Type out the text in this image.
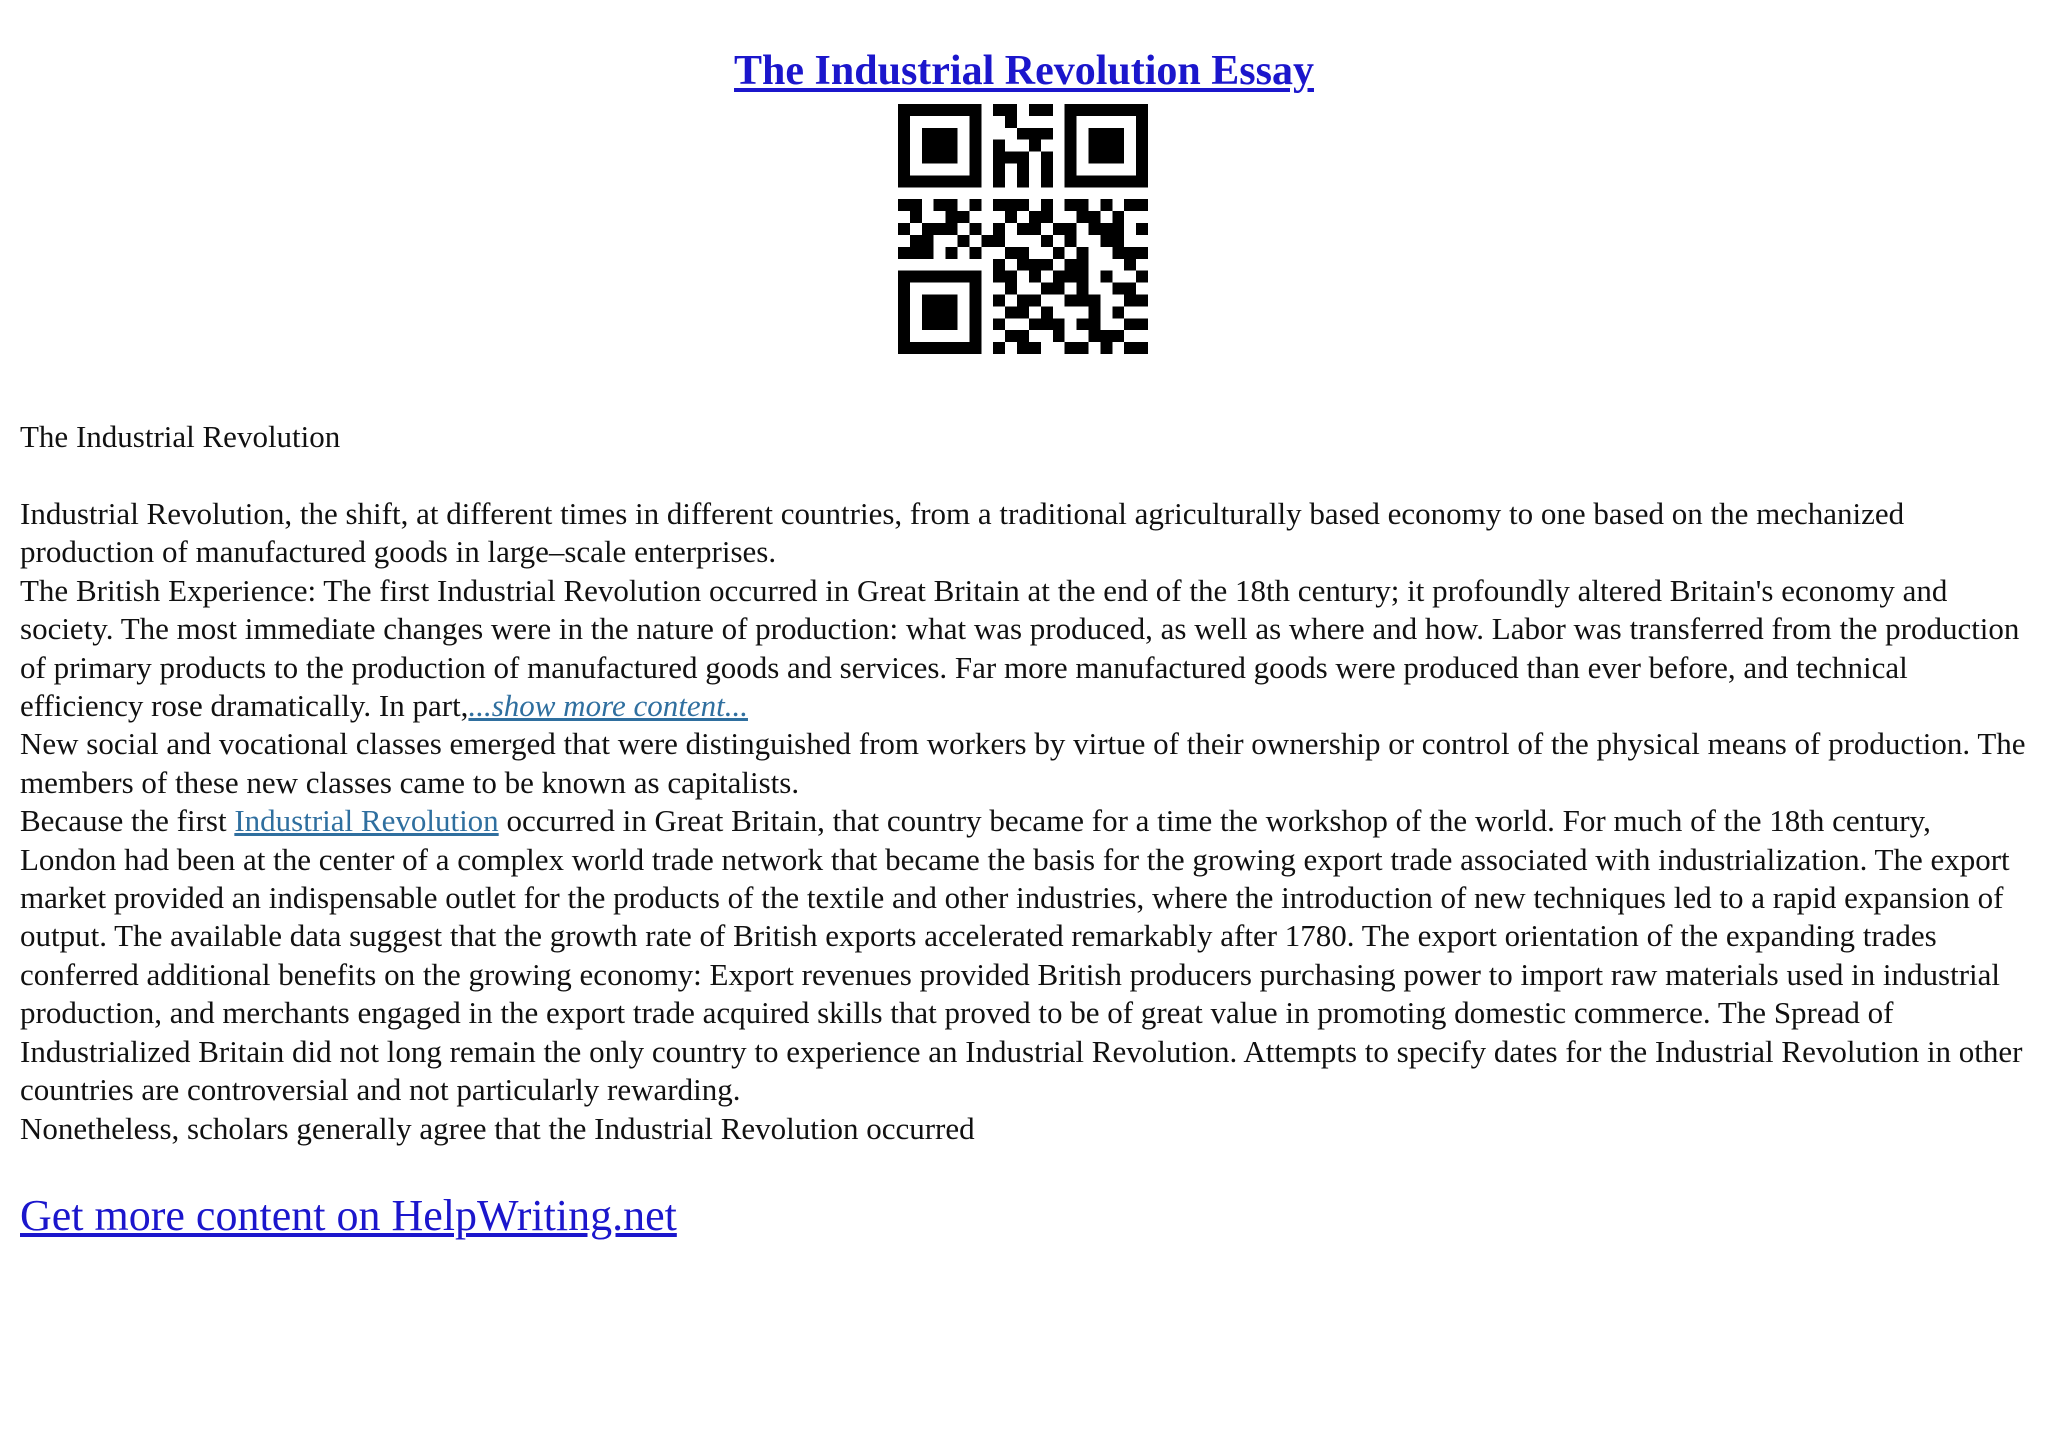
The Industrial Revolution Essay
The Industrial Revolution

Industrial Revolution, the shift, at different times in different countries, from a traditional agriculturally based economy to one based on the mechanized production of manufactured goods in large–scale enterprises.

The British Experience: The first Industrial Revolution occurred in Great Britain at the end of the 18th century; it profoundly altered Britain's economy and society. The most immediate changes were in the nature of production: what was produced, as well as where and how. Labor was transferred from the production of primary products to the production of manufactured goods and services. Far more manufactured goods were produced than ever before, and technical efficiency rose dramatically. In part,...show more content...

New social and vocational classes emerged that were distinguished from workers by virtue of their ownership or control of the physical means of production. The members of these new classes came to be known as capitalists.

Because the first Industrial Revolution occurred in Great Britain, that country became for a time the workshop of the world. For much of the 18th century, London had been at the center of a complex world trade network that became the basis for the growing export trade associated with industrialization. The export market provided an indispensable outlet for the products of the textile and other industries, where the introduction of new techniques led to a rapid expansion of output. The available data suggest that the growth rate of British exports accelerated remarkably after 1780. The export orientation of the expanding trades conferred additional benefits on the growing economy: Export revenues provided British producers purchasing power to import raw materials used in industrial production, and merchants engaged in the export trade acquired skills that proved to be of great value in promoting domestic commerce. The Spread of Industrialized Britain did not long remain the only country to experience an Industrial Revolution. Attempts to specify dates for the Industrial Revolution in other countries are controversial and not particularly rewarding.

Nonetheless, scholars generally agree that the Industrial Revolution occurred

Get more content on HelpWriting.net
